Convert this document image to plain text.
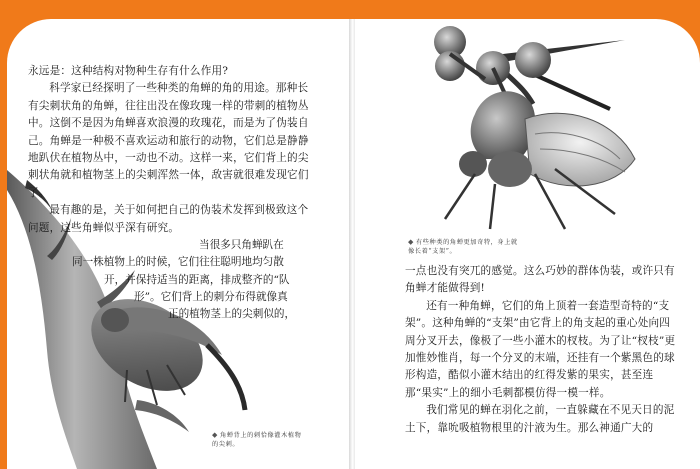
永远是：这种结构对物种生存有什么作用?

科学家已经探明了一些种类的角蝉的角的用途。那种长有尖刺状角的角蝉，往往出没在像玫瑰一样的带刺的植物丛中。这倒不是因为角蝉喜欢浪漫的玫瑰花，而是为了伪装自己。角蝉是一种极不喜欢运动和旅行的动物，它们总是静静地趴伏在植物丛中，一动也不动。这样一来，它们背上的尖刺状角就和植物茎上的尖刺浑然一体，敌害就很难发现它们了。

最有趣的是，关于如何把自己的伪装术发挥到极致这个问题，这些角蝉似乎深有研究。

当很多只角蝉趴在
同一株植物上的时候，它们往往聪明地均匀散
开，并保持适当的距离，排成整齐的“队
形”。它们背上的刺分布得就像真
正的植物茎上的尖刺似的，
◆ 角蝉背上的刺恰像灌木植物的尖刺。
◆ 有些种类的角蝉更加奇特，身上就像长着“支架”。

一点也没有突兀的感觉。这么巧妙的群体伪装，或许只有角蝉才能做得到!

还有一种角蝉，它们的角上顶着一套造型奇特的“支架”。这种角蝉的“支架”由它背上的角支起的重心处向四周分叉开去，像极了一些小灌木的杈枝。为了让“杈枝”更加惟妙惟肖，每一个分叉的末端，还挂有一个紫黑色的球形构造，酷似小灌木结出的红得发紫的果实，甚至连那“果实”上的细小毛刺都模仿得一模一样。

我们常见的蝉在羽化之前，一直躲藏在不见天日的泥土下，靠吮吸植物根里的汁液为生。那么神通广大的
